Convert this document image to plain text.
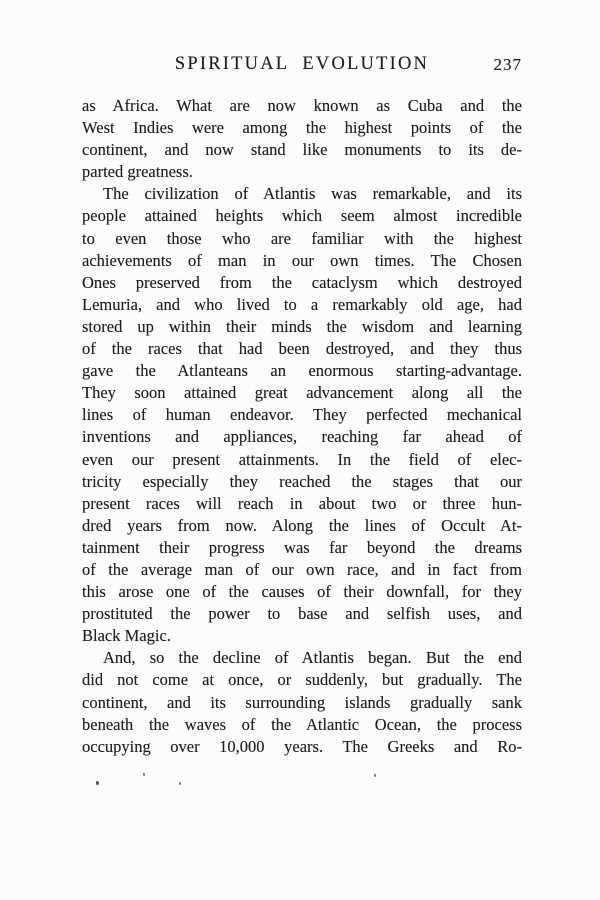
SPIRITUAL EVOLUTION	237
as Africa. What are now known as Cuba and the
West Indies were among the highest points of the
continent, and now stand like monuments to its de-
parted greatness.
The civilization of Atlantis was remarkable, and its
people attained heights which seem almost incredible
to even those who are familiar with the highest
achievements of man in our own times. The Chosen
Ones preserved from the cataclysm which destroyed
Lemuria, and who lived to a remarkably old age, had
stored up within their minds the wisdom and learning
of the races that had been destroyed, and they thus
gave the Atlanteans an enormous starting-advantage.
They soon attained great advancement along all the
lines of human endeavor. They perfected mechanical
inventions and appliances, reaching far ahead of
even our present attainments. In the field of elec-
tricity especially they reached the stages that our
present races will reach in about two or three hun-
dred years from now. Along the lines of Occult At-
tainment their progress was far beyond the dreams
of the average man of our own race, and in fact from
this arose one of the causes of their downfall, for they
prostituted the power to base and selfish uses, and
Black Magic.
And, so the decline of Atlantis began. But the end
did not come at once, or suddenly, but gradually. The
continent, and its surrounding islands gradually sank
beneath the waves of the Atlantic Ocean, the process
occupying over 10,000 years. The Greeks and Ro-
